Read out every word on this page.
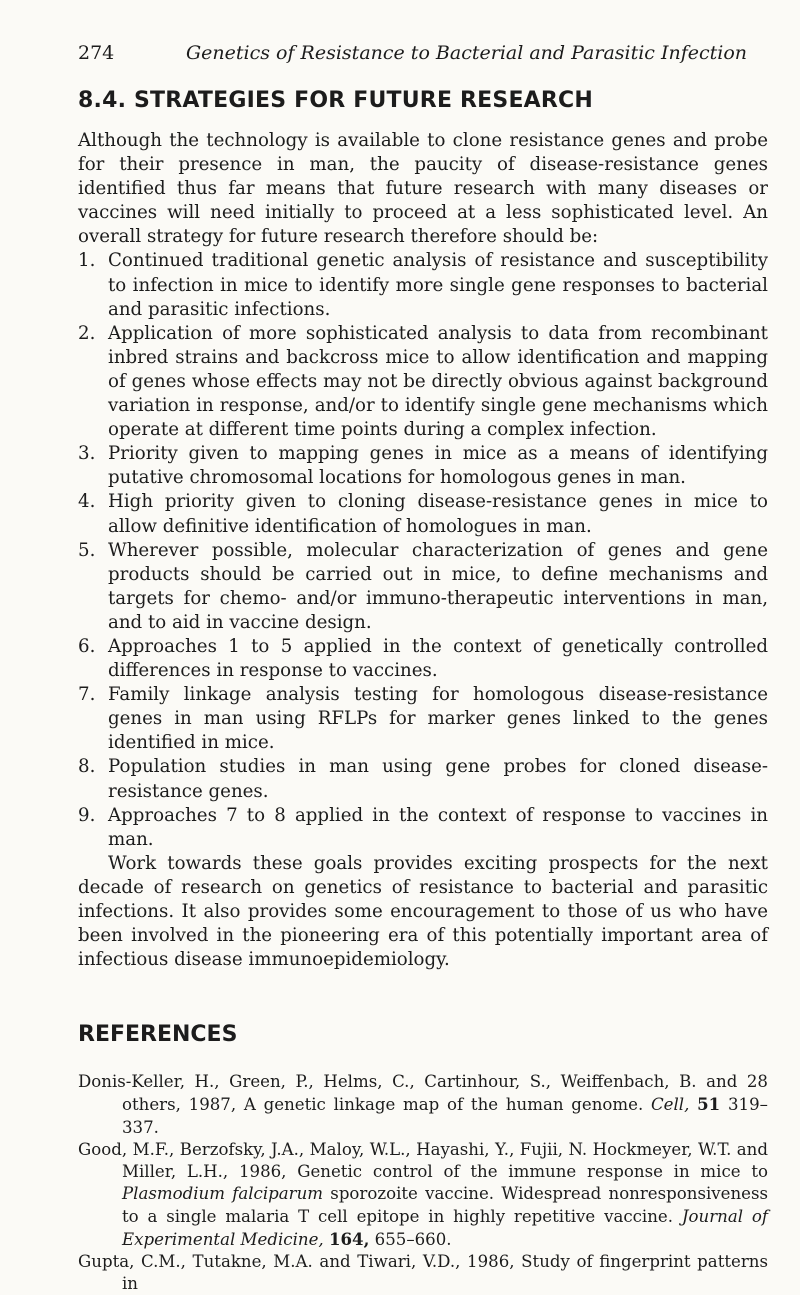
274	Genetics of Resistance to Bacterial and Parasitic Infection
8.4. STRATEGIES FOR FUTURE RESEARCH

Although the technology is available to clone resistance genes and probe for their presence in man, the paucity of disease-resistance genes identified thus far means that future research with many diseases or vaccines will need initially to proceed at a less sophisticated level. An overall strategy for future research therefore should be:

1. Continued traditional genetic analysis of resistance and susceptibility to infection in mice to identify more single gene responses to bacterial and parasitic infections.
2. Application of more sophisticated analysis to data from recombinant inbred strains and backcross mice to allow identification and mapping of genes whose effects may not be directly obvious against background variation in response, and/or to identify single gene mechanisms which operate at different time points during a complex infection.
3. Priority given to mapping genes in mice as a means of identifying putative chromosomal locations for homologous genes in man.
4. High priority given to cloning disease-resistance genes in mice to allow definitive identification of homologues in man.
5. Wherever possible, molecular characterization of genes and gene products should be carried out in mice, to define mechanisms and targets for chemo- and/or immuno-therapeutic interventions in man, and to aid in vaccine design.
6. Approaches 1 to 5 applied in the context of genetically controlled differences in response to vaccines.
7. Family linkage analysis testing for homologous disease-resistance genes in man using RFLPs for marker genes linked to the genes identified in mice.
8. Population studies in man using gene probes for cloned disease-resistance genes.
9. Approaches 7 to 8 applied in the context of response to vaccines in man.

Work towards these goals provides exciting prospects for the next decade of research on genetics of resistance to bacterial and parasitic infections. It also provides some encouragement to those of us who have been involved in the pioneering era of this potentially important area of infectious disease immunoepidemiology.

REFERENCES

Donis-Keller, H., Green, P., Helms, C., Cartinhour, S., Weiffenbach, B. and 28 others, 1987, A genetic linkage map of the human genome. Cell, 51 319–337.

Good, M.F., Berzofsky, J.A., Maloy, W.L., Hayashi, Y., Fujii, N. Hockmeyer, W.T. and Miller, L.H., 1986, Genetic control of the immune response in mice to Plasmodium falciparum sporozoite vaccine. Widespread nonresponsiveness to a single malaria T cell epitope in highly repetitive vaccine. Journal of Experimental Medicine, 164, 655–660.

Gupta, C.M., Tutakne, M.A. and Tiwari, V.D., 1986, Study of fingerprint patterns in
